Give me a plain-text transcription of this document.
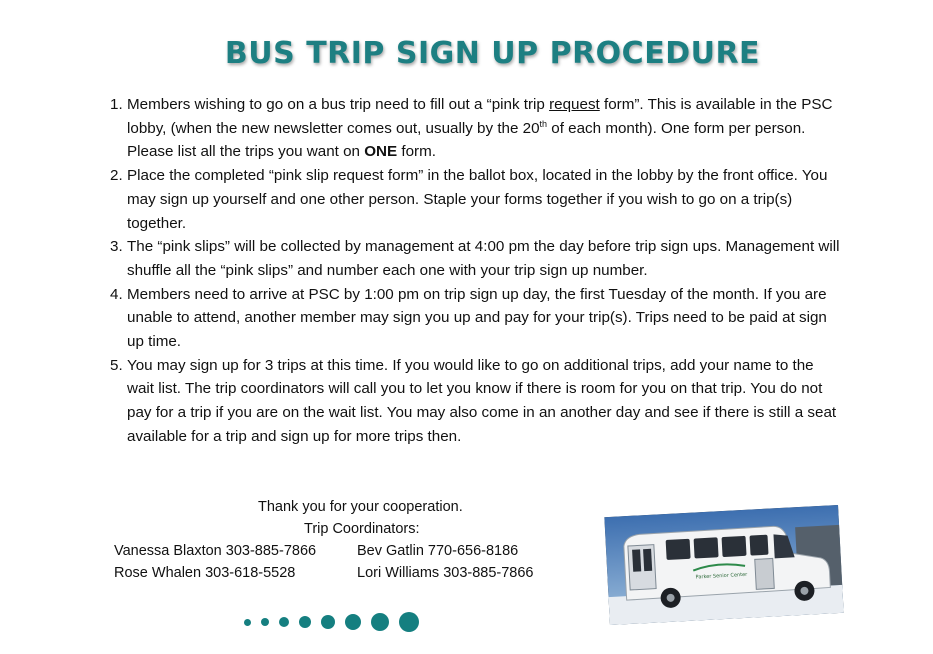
BUS TRIP SIGN UP PROCEDURE
1. Members wishing to go on a bus trip need to fill out a “pink trip request form”. This is available in the PSC lobby, (when the new newsletter comes out, usually by the 20th of each month). One form per person. Please list all the trips you want on ONE form.
2. Place the completed “pink slip request form” in the ballot box, located in the lobby by the front office. You may sign up yourself and one other person. Staple your forms together if you wish to go on a trip(s) together.
3. The “pink slips” will be collected by management at 4:00 pm the day before trip sign ups. Management will shuffle all the “pink slips” and number each one with your trip sign up number.
4. Members need to arrive at PSC by 1:00 pm on trip sign up day, the first Tuesday of the month. If you are unable to attend, another member may sign you up and pay for your trip(s). Trips need to be paid at sign up time.
5. You may sign up for 3 trips at this time. If you would like to go on additional trips, add your name to the wait list. The trip coordinators will call you to let you know if there is room for you on that trip. You do not pay for a trip if you are on the wait list. You may also come in an another day and see if there is still a seat available for a trip and sign up for more trips then.
Thank you for your cooperation.
Trip Coordinators:
Vanessa Blaxton 303-885-7866	Bev Gatlin 770-656-8186
Rose Whalen 303-618-5528	Lori Williams 303-885-7866	Parker Senior Center
